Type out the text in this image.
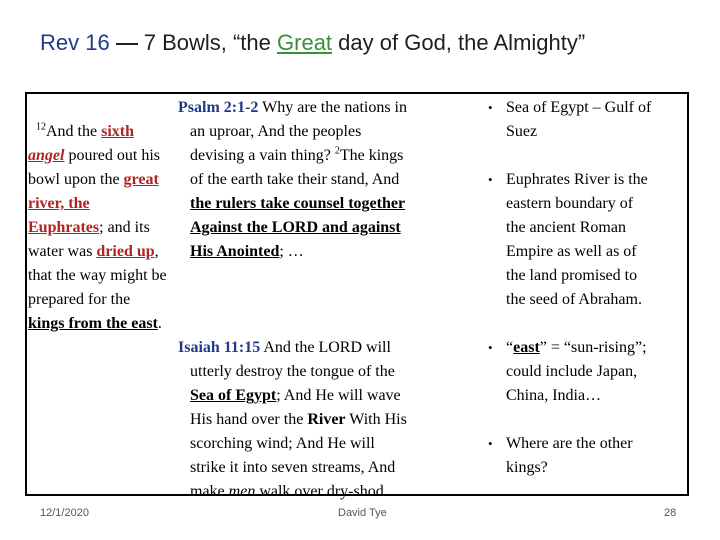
Rev 16 7 Bowls, “the Great day of God, the Almighty”
$^{12}$And the sixth angel poured out his bowl upon the great river, the Euphrates; and its water was dried up, that the way might be prepared for the kings from the east.
Psalm 2:1-2 Why are the nations in
an uproar, And the peoples
devising a vain thing? $^2$The kings
of the earth take their stand, And
the rulers take counsel together
Against the LORD and against
His Anointed; …
Isaiah 11:15 And the LORD will
utterly destroy the tongue of the
Sea of Egypt; And He will wave
His hand over the River With His
scorching wind; And He will
strike it into seven streams, And
make men walk over dry-shod.
• Sea of Egypt – Gulf of
Suez
• Euphrates River is the
eastern boundary of
the ancient Roman
Empire as well as of
the land promised to
the seed of Abraham.
• “east” = “sun-rising”;
could include Japan,
China, India…
• Where are the other
kings?
12/1/2020	David Tye	28
